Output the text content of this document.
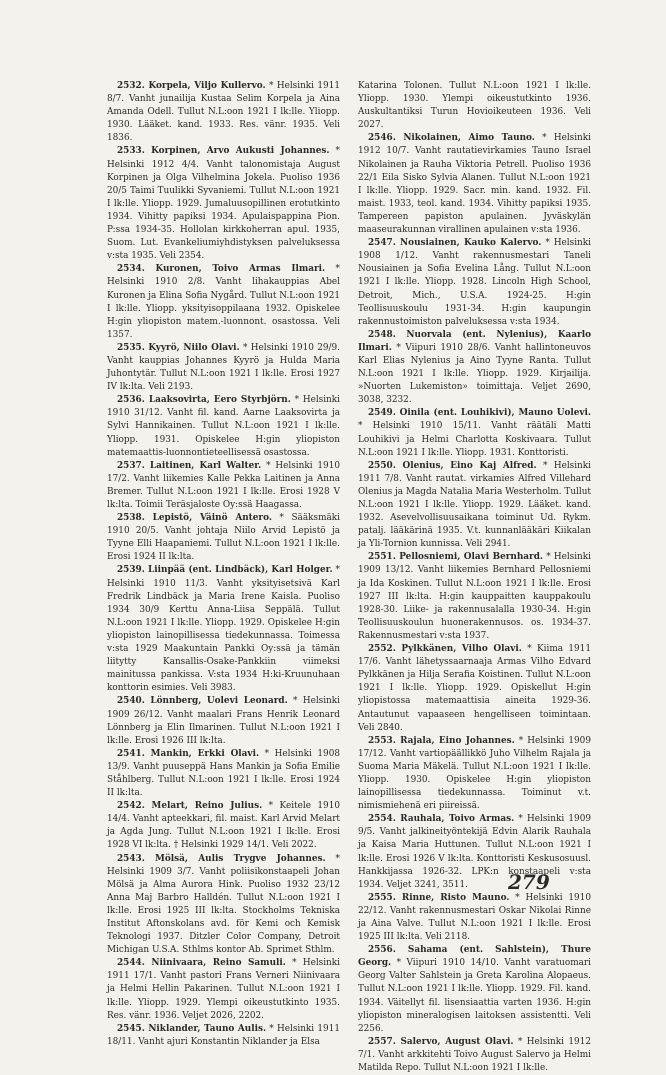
2532. Korpela, Viljo Kullervo. * Helsinki 1911 8/7. Vanht junailija Kustaa Selim Korpela ja Aina Amanda Odell. Tullut N.L:oon 1921 I lk:lle. Yliopp. 1930. Lääket. kand. 1933. Res. vänr. 1935. Veli 1836.

2533. Korpinen, Arvo Aukusti Johannes. * Helsinki 1912 4/4. Vanht talonomistaja August Korpinen ja Olga Vilhelmina Jokela. Puoliso 1936 20/5 Taimi Tuulikki Syvaniemi. Tullut N.L:oon 1921 I lk:lle. Yliopp. 1929. Jumaluusopillinen erotutkinto 1934. Vihitty papiksi 1934. Apulaispappina Pion. P:ssa 1934-35. Hollolan kirkkoherran apul. 1935, Suom. Lut. Evankeliumiyhdistyksen palveluksessa v:sta 1935. Veli 2354.

2534. Kuronen, Toivo Armas Ilmari. * Helsinki 1910 2/8. Vanht lihakauppias Abel Kuronen ja Elina Sofia Nygård. Tullut N.L:oon 1921 I lk:lle. Yliopp. yksityisoppilaana 1932. Opiskelee H:gin yliopiston matem.-luonnont. osastossa. Veli 1357.

2535. Kyyrö, Niilo Olavi. * Helsinki 1910 29/9. Vanht kauppias Johannes Kyyrö ja Hulda Maria Juhontytär. Tullut N.L:oon 1921 I lk:lle. Erosi 1927 IV lk:lta. Veli 2193.

2536. Laaksovirta, Eero Styrbjörn. * Helsinki 1910 31/12. Vanht fil. kand. Aarne Laaksovirta ja Sylvi Hannikainen. Tullut N.L:oon 1921 I lk:lle. Yliopp. 1931. Opiskelee H:gin yliopiston matemaattis-luonnontieteellisessä osastossa.

2537. Laitinen, Karl Walter. * Helsinki 1910 17/2. Vanht liikemies Kalle Pekka Laitinen ja Anna Bremer. Tullut N.L:oon 1921 I lk:lle. Erosi 1928 V lk:lta. Toimii Teräsjaloste Oy:ssä Haagassa.

2538. Lepistö, Väinö Antero. * Sääksmäki 1910 20/5. Vanht johtaja Niilo Arvid Lepistö ja Tyyne Elli Haapaniemi. Tullut N.L:oon 1921 I lk:lle. Erosi 1924 II lk:lta.

2539. Liinpää (ent. Lindbäck), Karl Holger. * Helsinki 1910 11/3. Vanht yksityisetsivä Karl Fredrik Lindbäck ja Maria Irene Kaisla. Puoliso 1934 30/9 Kerttu Anna-Liisa Seppälä. Tullut N.L:oon 1921 I lk:lle. Yliopp. 1929. Opiskelee H:gin yliopiston lainopillisessa tiedekunnassa. Toimessa v:sta 1929 Maakuntain Pankki Oy:ssä ja tämän liitytty Kansallis-Osake-Pankkiin viimeksi mainitussa pankissa. V:sta 1934 H:ki-Kruunuhaan konttorin esimies. Veli 3983.

2540. Lönnberg, Uolevi Leonard. * Helsinki 1909 26/12. Vanht maalari Frans Henrik Leonard Lönnberg ja Elin Ilmarinen. Tullut N.L:oon 1921 I lk:lle. Erosi 1926 III lk:lta.

2541. Mankin, Erkki Olavi. * Helsinki 1908 13/9. Vanht puuseppä Hans Mankin ja Sofia Emilie Ståhlberg. Tullut N.L:oon 1921 I lk:lle. Erosi 1924 II lk:lta.

2542. Melart, Reino Julius. * Keitele 1910 14/4. Vanht apteekkari, fil. maist. Karl Arvid Melart ja Agda Jung. Tullut N.L:oon 1921 I lk:lle. Erosi 1928 VI lk:lta. † Helsinki 1929 14/1. Veli 2022.

2543. Mölsä, Aulis Trygve Johannes. * Helsinki 1909 3/7. Vanht poliisikonstaapeli Johan Mölsä ja Alma Aurora Hink. Puoliso 1932 23/12 Anna Maj Barbro Halldén. Tullut N.L:oon 1921 I lk:lle. Erosi 1925 III lk:lta. Stockholms Tekniska Institut Aftonskolans avd. för Kemi och Kemisk Teknologi 1937. Ditzler Color Company, Detroit Michigan U.S.A. Sthlms kontor Ab. Sprimet Sthlm.

2544. Niinivaara, Reino Samuli. * Helsinki 1911 17/1. Vanht pastori Frans Verneri Niinivaara ja Helmi Hellin Pakarinen. Tullut N.L:oon 1921 I lk:lle. Yliopp. 1929. Ylempi oikeustutkinto 1935. Res. vänr. 1936. Veljet 2026, 2202.

2545. Niklander, Tauno Aulis. * Helsinki 1911 18/11. Vanht ajuri Konstantin Niklander ja Elsa

Katarina Tolonen. Tullut N.L:oon 1921 I lk:lle. Yliopp. 1930. Ylempi oikeustutkinto 1936. Auskultantiksi Turun Hovioikeuteen 1936. Veli 2027.

2546. Nikolainen, Aimo Tauno. * Helsinki 1912 10/7. Vanht rautatievirkamies Tauno Israel Nikolainen ja Rauha Viktoria Petrell. Puoliso 1936 22/1 Eila Sisko Sylvia Alanen. Tullut N.L:oon 1921 I lk:lle. Yliopp. 1929. Sacr. min. kand. 1932. Fil. maist. 1933, teol. kand. 1934. Vihitty papiksi 1935. Tampereen papiston apulainen. Jyväskylän maaseurakunnan virallinen apulainen v:sta 1936.

2547. Nousiainen, Kauko Kalervo. * Helsinki 1908 1/12. Vanht rakennusmestari Taneli Nousiainen ja Sofia Evelina Lång. Tullut N.L:oon 1921 I lk:lle. Yliopp. 1928. Lincoln High School, Detroit, Mich., U.S.A. 1924-25. H:gin Teollisuuskoulu 1931-34. H:gin kaupungin rakennustoimiston palveluksessa v:sta 1934.

2548. Nuorvala (ent. Nylenius), Kaarlo Ilmari. * Viipuri 1910 28/6. Vanht hallintoneuvos Karl Elias Nylenius ja Aino Tyyne Ranta. Tullut N.L:oon 1921 I lk:lle. Yliopp. 1929. Kirjailija. »Nuorten Lukemiston» toimittaja. Veljet 2690, 3038, 3232.

2549. Oinila (ent. Louhikivi), Mauno Uolevi. * Helsinki 1910 15/11. Vanht räätäli Matti Louhikivi ja Helmi Charlotta Koskivaara. Tullut N.L:oon 1921 I lk:lle. Yliopp. 1931. Konttoristi.

2550. Olenius, Eino Kaj Alfred. * Helsinki 1911 7/8. Vanht rautat. virkamies Alfred Villehard Olenius ja Magda Natalia Maria Westerholm. Tullut N.L:oon 1921 I lk:lle. Yliopp. 1929. Lääket. kand. 1932. Asevelvollisuusaikana toiminut Ud. Rykm. patalj. lääkärinä 1935. V.t. kunnanlääkäri Kiikalan ja Yli-Tornion kunnissa. Veli 2941.

2551. Pellosniemi, Olavi Bernhard. * Helsinki 1909 13/12. Vanht liikemies Bernhard Pellosniemi ja Ida Koskinen. Tullut N.L:oon 1921 I lk:lle. Erosi 1927 III lk:lta. H:gin kauppaitten kauppakoulu 1928-30. Liike- ja rakennusalalla 1930-34. H:gin Teollisuuskoulun huonerakennusos. os. 1934-37. Rakennusmestari v:sta 1937.

2552. Pylkkänen, Vilho Olavi. * Kiima 1911 17/6. Vanht lähetyssaarnaaja Armas Vilho Edvard Pylkkänen ja Hilja Serafia Koistinen. Tullut N.L:oon 1921 I lk:lle. Yliopp. 1929. Opiskellut H:gin yliopistossa matemaattisia aineita 1929-36. Antautunut vapaaseen hengelliseen toimintaan. Veli 2840.

2553. Rajala, Eino Johannes. * Helsinki 1909 17/12. Vanht vartiopäällikkö Juho Vilhelm Rajala ja Suoma Maria Mäkelä. Tullut N.L:oon 1921 I lk:lle. Yliopp. 1930. Opiskelee H:gin yliopiston lainopillisessa tiedekunnassa. Toiminut v.t. nimismiehenä eri piireissä.

2554. Rauhala, Toivo Armas. * Helsinki 1909 9/5. Vanht jalkineityöntekijä Edvin Alarik Rauhala ja Kaisa Maria Huttunen. Tullut N.L:oon 1921 I lk:lle. Erosi 1926 V lk:lta. Konttoristi Keskusosuusl. Hankkijassa 1926-32. LPK:n konstaapeli v:sta 1934. Veljet 3241, 3511.

2555. Rinne, Risto Mauno. * Helsinki 1910 22/12. Vanht rakennusmestari Oskar Nikolai Rinne ja Aina Valve. Tullut N.L:oon 1921 I lk:lle. Erosi 1925 III lk:lta. Veli 2118.

2556. Sahama (ent. Sahlstein), Thure Georg. * Viipuri 1910 14/10. Vanht varatuomari Georg Valter Sahlstein ja Greta Karolina Alopaeus. Tullut N.L:oon 1921 I lk:lle. Yliopp. 1929. Fil. kand. 1934. Väitellyt fil. lisensiaattia varten 1936. H:gin yliopiston mineralogisen laitoksen assistentti. Veli 2256.

2557. Salervo, August Olavi. * Helsinki 1912 7/1. Vanht arkkitehti Toivo August Salervo ja Helmi Matilda Repo. Tullut N.L:oon 1921 I lk:lle.

279
